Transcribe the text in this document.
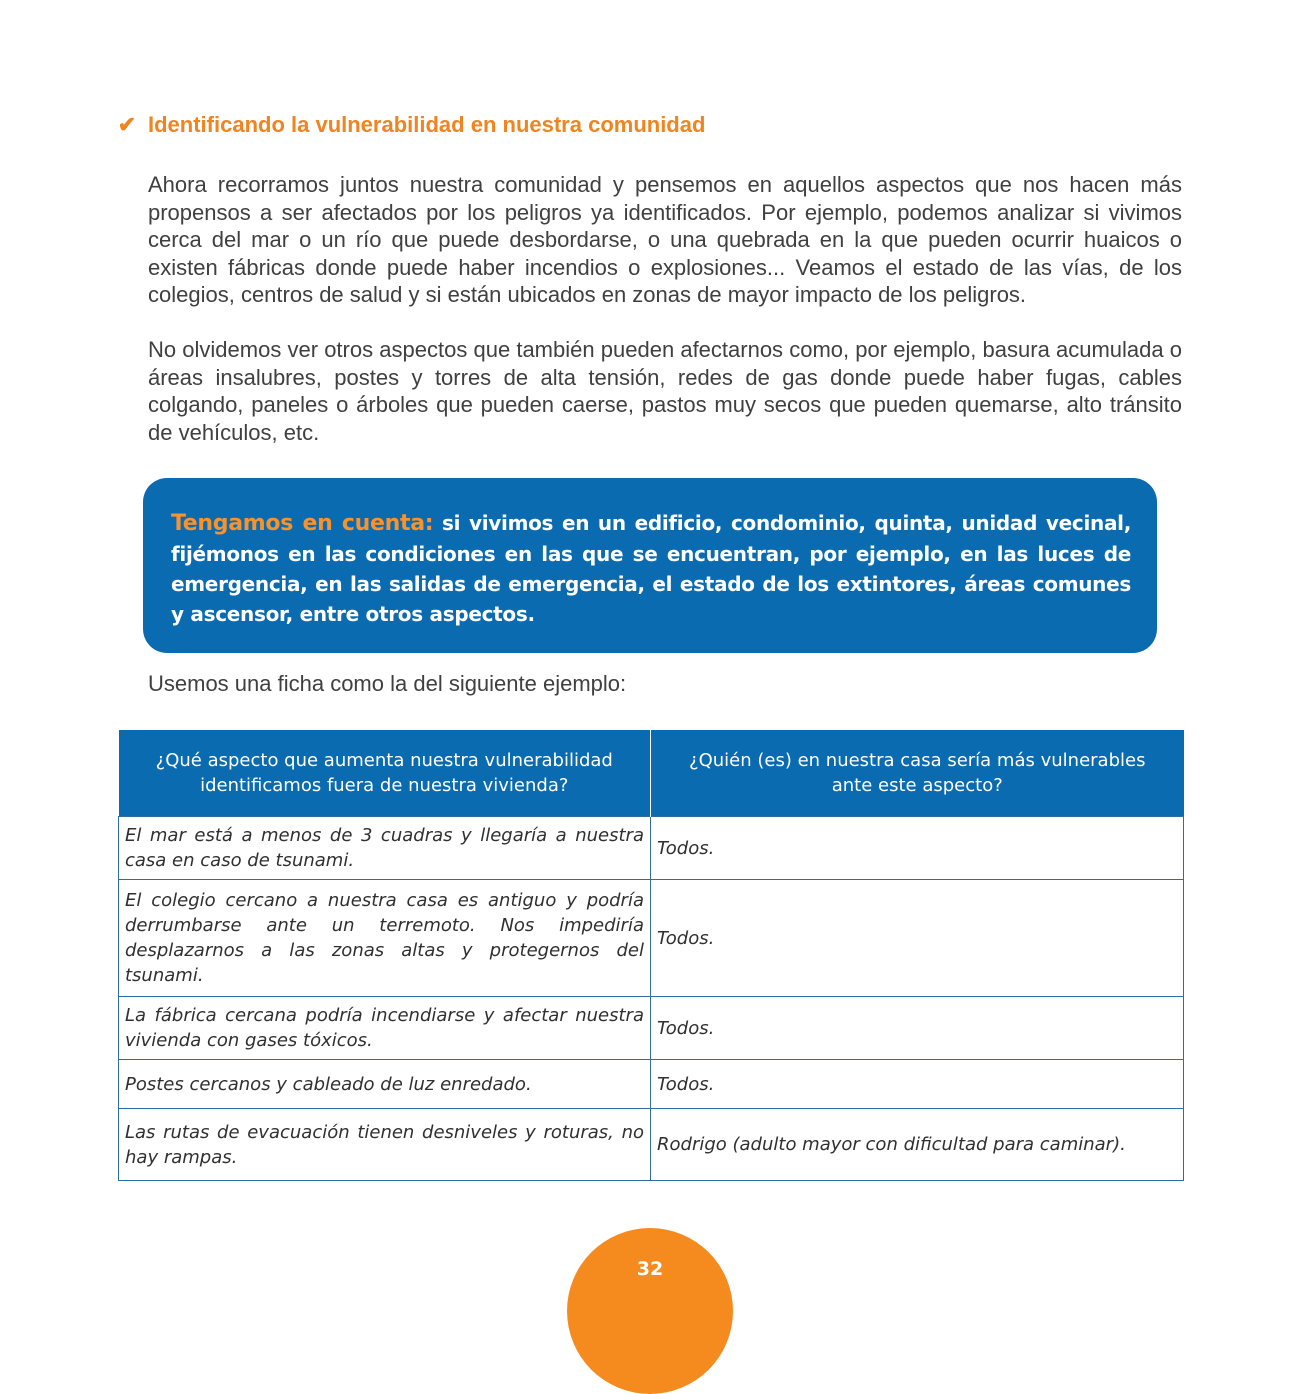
✔ Identificando la vulnerabilidad en nuestra comunidad

Ahora recorramos juntos nuestra comunidad y pensemos en aquellos aspectos que nos hacen más propensos a ser afectados por los peligros ya identificados. Por ejemplo, podemos analizar si vivimos cerca del mar o un río que puede desbordarse, o una quebrada en la que pueden ocurrir huaicos o existen fábricas donde puede haber incendios o explosiones... Veamos el estado de las vías, de los colegios, centros de salud y si están ubicados en zonas de mayor impacto de los peligros.

No olvidemos ver otros aspectos que también pueden afectarnos como, por ejemplo, basura acumulada o áreas insalubres, postes y torres de alta tensión, redes de gas donde puede haber fugas, cables colgando, paneles o árboles que pueden caerse, pastos muy secos que pueden quemarse, alto tránsito de vehículos, etc.

Tengamos en cuenta: si vivimos en un edificio, condominio, quinta, unidad vecinal, fijémonos en las condiciones en las que se encuentran, por ejemplo, en las luces de emergencia, en las salidas de emergencia, el estado de los extintores, áreas comunes y ascensor, entre otros aspectos.

Usemos una ficha como la del siguiente ejemplo:

¿Qué aspecto que aumenta nuestra vulnerabilidad identificamos fuera de nuestra vivienda?	¿Quién (es) en nuestra casa sería más vulnerables ante este aspecto?
El mar está a menos de 3 cuadras y llegaría a nuestra casa en caso de tsunami.	Todos.
El colegio cercano a nuestra casa es antiguo y podría derrumbarse ante un terremoto. Nos impediría desplazarnos a las zonas altas y protegernos del tsunami.	Todos.
La fábrica cercana podría incendiarse y afectar nuestra vivienda con gases tóxicos.	Todos.
Postes cercanos y cableado de luz enredado.	Todos.
Las rutas de evacuación tienen desniveles y roturas, no hay rampas.	Rodrigo (adulto mayor con dificultad para caminar).
32
